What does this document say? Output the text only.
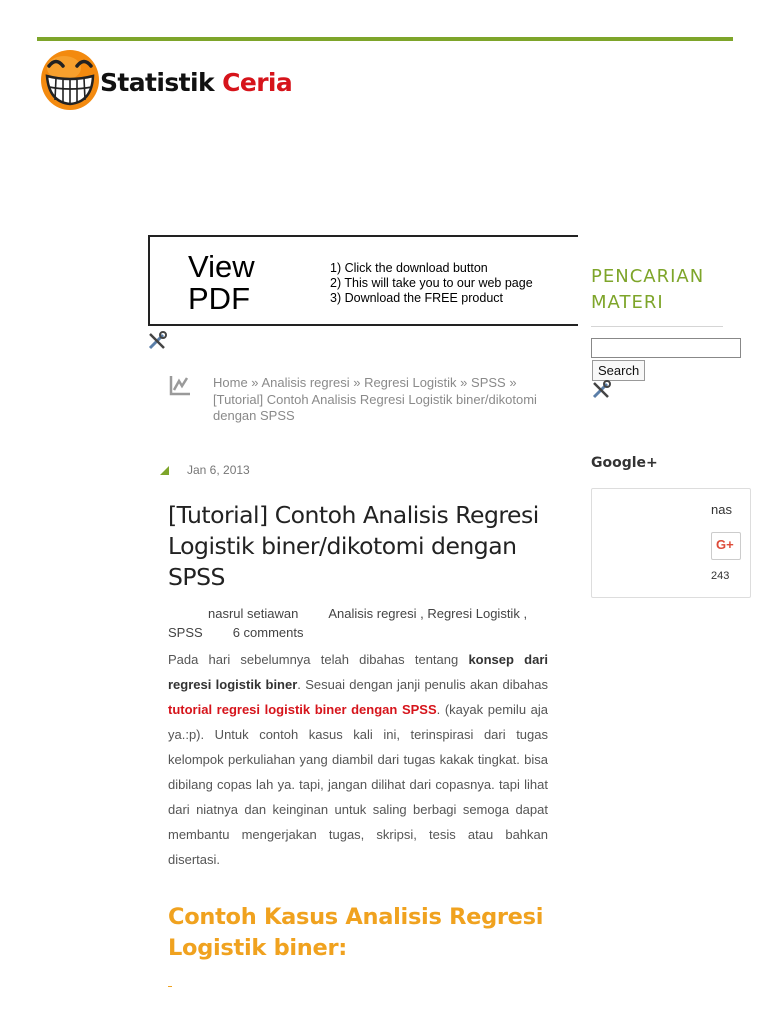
Statistik Ceria
View
PDF
1) Click the download button
2) This will take you to our web page
3) Download the FREE product
Home » Analisis regresi » Regresi Logistik » SPSS » [Tutorial] Contoh Analisis Regresi Logistik biner/dikotomi dengan SPSS
Jan 6, 2013
[Tutorial] Contoh Analisis Regresi Logistik biner/dikotomi dengan SPSS
nasrul setiawan Analisis regresi , Regresi Logistik ,
SPSS 6 comments
Pada hari sebelumnya telah dibahas tentang konsep dari regresi logistik biner. Sesuai dengan janji penulis akan dibahas tutorial regresi logistik biner dengan SPSS. (kayak pemilu aja ya.:p). Untuk contoh kasus kali ini, terinspirasi dari tugas kelompok perkuliahan yang diambil dari tugas kakak tingkat. bisa dibilang copas lah ya. tapi, jangan dilihat dari copasnya. tapi lihat dari niatnya dan keinginan untuk saling berbagi semoga dapat membantu mengerjakan tugas, skripsi, tesis atau bahkan disertasi.
Contoh Kasus Analisis Regresi Logistik biner:
PENCARIAN MATERI
Search
Google+
nas
G+
243
